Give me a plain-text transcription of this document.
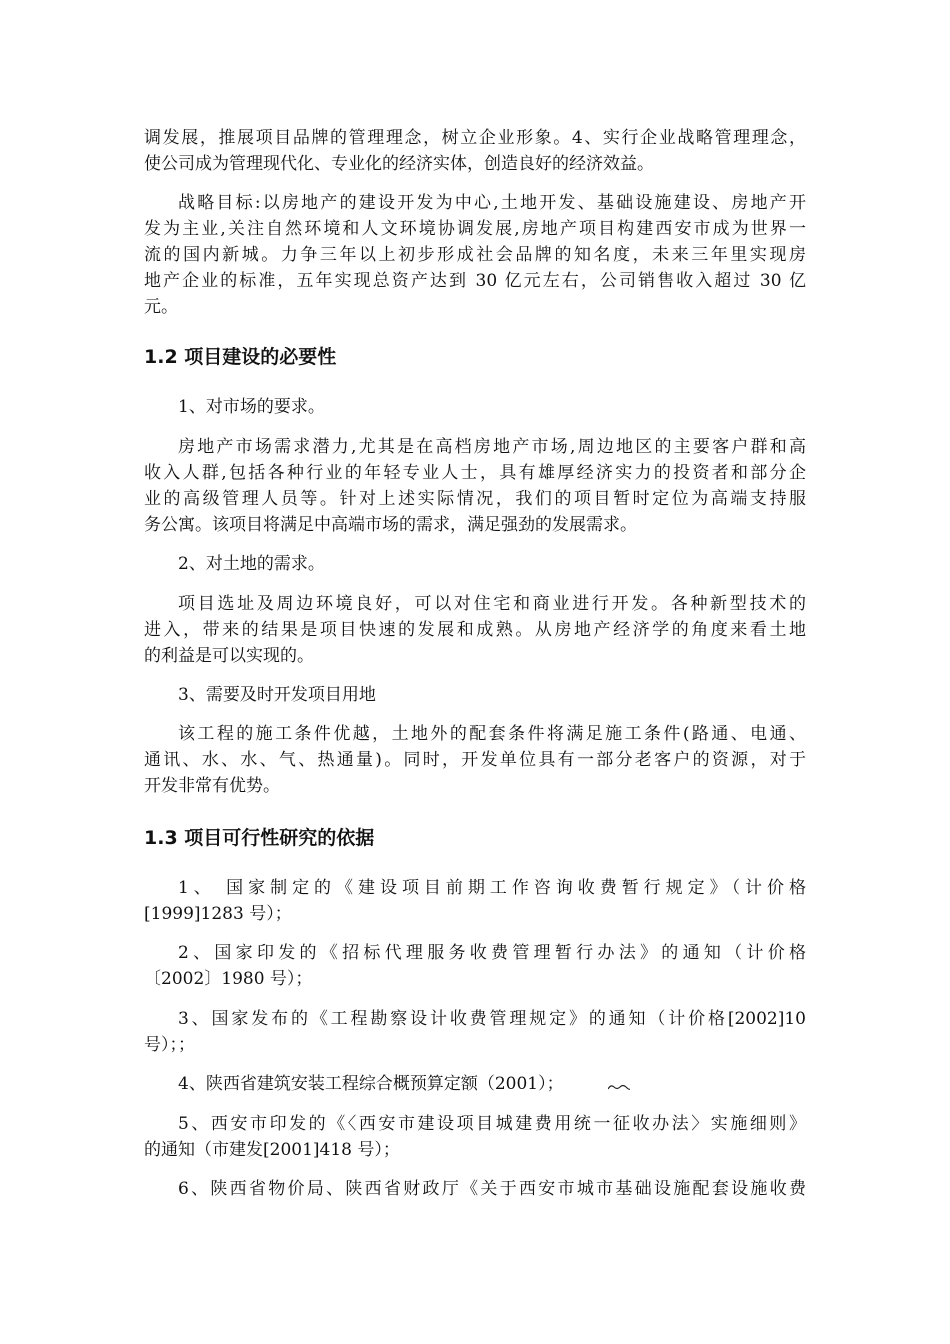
调发展，推展项目品牌的管理理念，树立企业形象。4、实行企业战略管理理念，
使公司成为管理现代化、专业化的经济实体，创造良好的经济效益。
战略目标:以房地产的建设开发为中心,土地开发、基础设施建设、房地产开
发为主业,关注自然环境和人文环境协调发展,房地产项目构建西安市成为世界一
流的国内新城。力争三年以上初步形成社会品牌的知名度，未来三年里实现房
地产企业的标准，五年实现总资产达到 30 亿元左右，公司销售收入超过 30 亿
元。
1.2 项目建设的必要性
1、对市场的要求。
房地产市场需求潜力,尤其是在高档房地产市场,周边地区的主要客户群和高
收入人群,包括各种行业的年轻专业人士，具有雄厚经济实力的投资者和部分企
业的高级管理人员等。针对上述实际情况，我们的项目暂时定位为高端支持服
务公寓。该项目将满足中高端市场的需求，满足强劲的发展需求。
2、对土地的需求。
项目选址及周边环境良好，可以对住宅和商业进行开发。各种新型技术的
进入，带来的结果是项目快速的发展和成熟。从房地产经济学的角度来看土地
的利益是可以实现的。
3、需要及时开发项目用地
该工程的施工条件优越，土地外的配套条件将满足施工条件(路通、电通、
通讯、水、水、气、热通量)。同时，开发单位具有一部分老客户的资源，对于
开发非常有优势。
1.3 项目可行性研究的依据
1、 国家制定的《建设项目前期工作咨询收费暂行规定》（计价格
[1999]1283 号）；
2、国家印发的《招标代理服务收费管理暂行办法》的通知（计价格
〔2002〕1980 号）；
3、国家发布的《工程勘察设计收费管理规定》的通知（计价格[2002]10
号）；；
4、陕西省建筑安装工程综合概预算定额（2001）；
5、西安市印发的《〈西安市建设项目城建费用统一征收办法〉实施细则》
的通知（市建发[2001]418 号）；
6、陕西省物价局、陕西省财政厅《关于西安市城市基础设施配套设施收费
